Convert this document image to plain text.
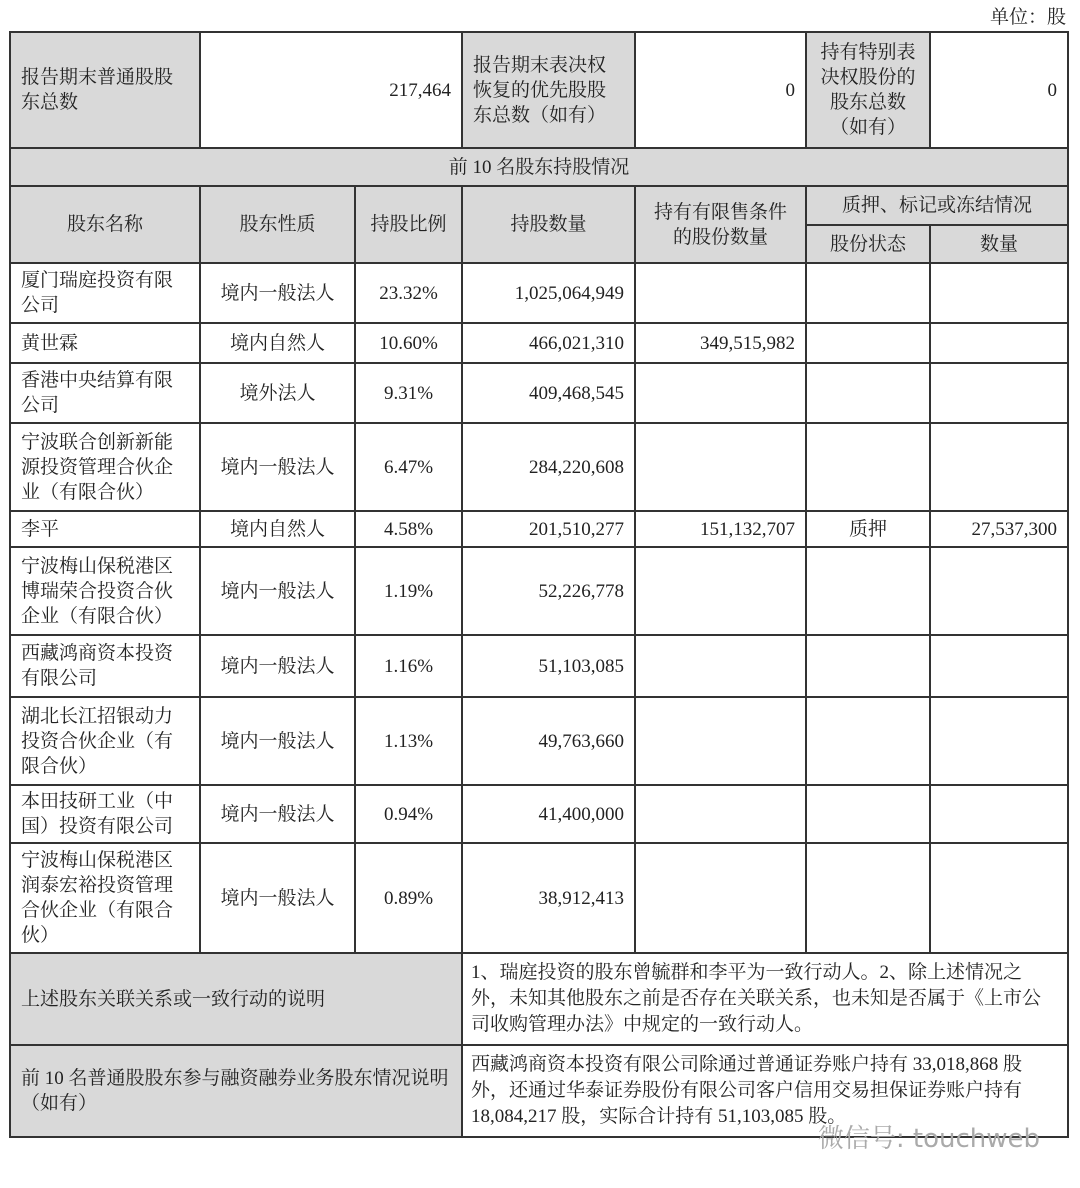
单位：股
报告期末普通股股东总数	217,464		报告期末表决权恢复的优先股股东总数（如有）	0	持有特别表决权股份的股东总数（如有）	0
前 10 名股东持股情况						
股东名称	股东性质	持股比例	持股数量	持有有限售条件的股份数量	质押、标记或冻结情况	
					股份状态	数量
厦门瑞庭投资有限公司	境内一般法人	23.32%	1,025,064,949			
黄世霖	境内自然人	10.60%	466,021,310	349,515,982		
香港中央结算有限公司	境外法人	9.31%	409,468,545			
宁波联合创新新能源投资管理合伙企业（有限合伙）	境内一般法人	6.47%	284,220,608			
李平	境内自然人	4.58%	201,510,277	151,132,707	质押	27,537,300
宁波梅山保税港区博瑞荣合投资合伙企业（有限合伙）	境内一般法人	1.19%	52,226,778			
西藏鸿商资本投资有限公司	境内一般法人	1.16%	51,103,085			
湖北长江招银动力投资合伙企业（有限合伙）	境内一般法人	1.13%	49,763,660			
本田技研工业（中国）投资有限公司	境内一般法人	0.94%	41,400,000			
宁波梅山保税港区润泰宏裕投资管理合伙企业（有限合伙）	境内一般法人	0.89%	38,912,413			
上述股东关联关系或一致行动的说明			1、瑞庭投资的股东曾毓群和李平为一致行动人。2、除上述情况之外，未知其他股东之前是否存在关联关系，也未知是否属于《上市公司收购管理办法》中规定的一致行动人。			
前 10 名普通股股东参与融资融券业务股东情况说明（如有）			西藏鸿商资本投资有限公司除通过普通证券账户持有 33,018,868 股外，还通过华泰证券股份有限公司客户信用交易担保证券账户持有 18,084,217 股，实际合计持有 51,103,085 股。			
微信号: touchweb
